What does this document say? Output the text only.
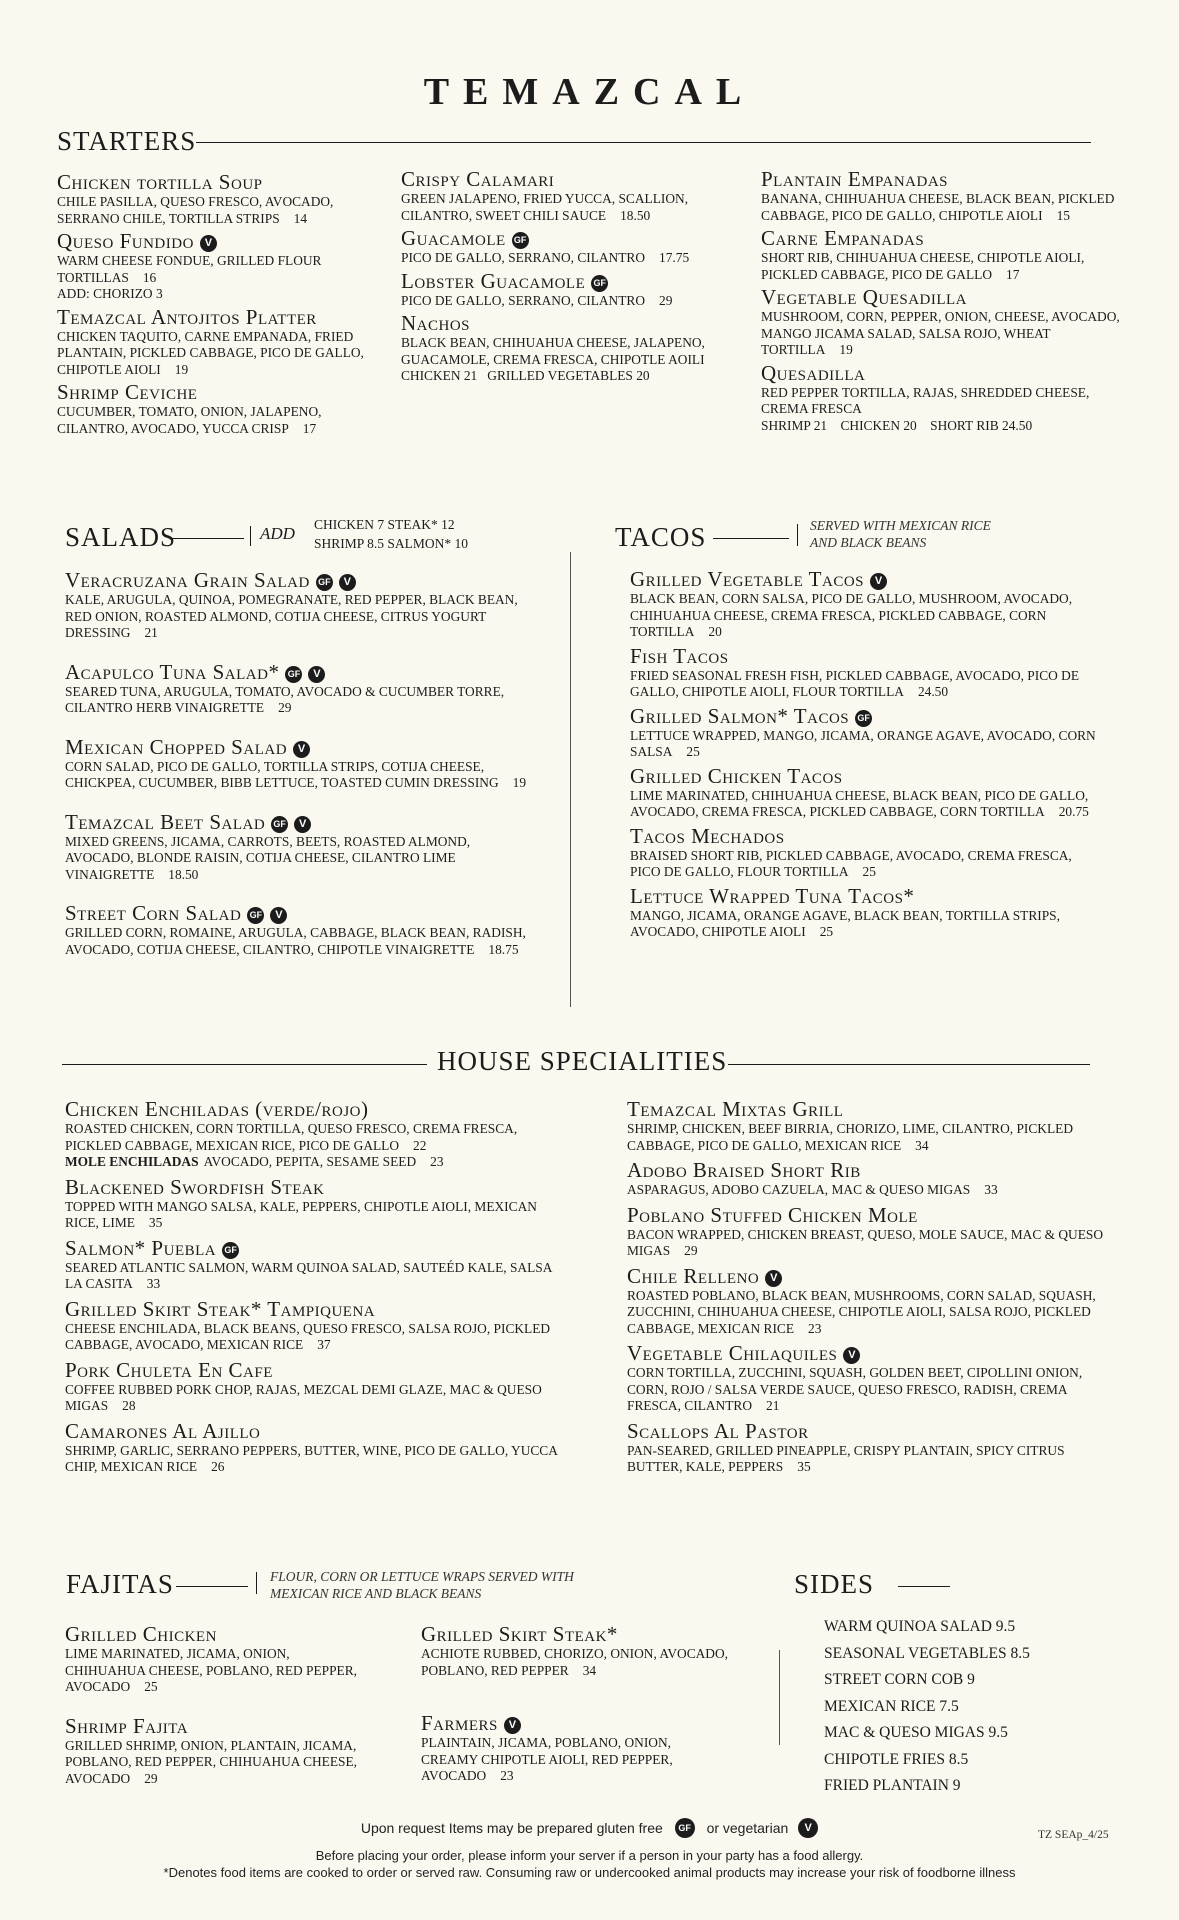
TEMAZCAL
STARTERS
Chicken tortilla Soup
CHILE PASILLA, QUESO FRESCO, AVOCADO, SERRANO CHILE, TORTILLA STRIPS 14
Queso Fundido V
WARM CHEESE FONDUE, GRILLED FLOUR TORTILLAS 16
ADD: CHORIZO 3
Temazcal Antojitos Platter
CHICKEN TAQUITO, CARNE EMPANADA, FRIED PLANTAIN, PICKLED CABBAGE, PICO DE GALLO, CHIPOTLE AIOLI 19
Shrimp Ceviche
CUCUMBER, TOMATO, ONION, JALAPENO, CILANTRO, AVOCADO, YUCCA CRISP 17
Crispy Calamari
GREEN JALAPENO, FRIED YUCCA, SCALLION, CILANTRO, SWEET CHILI SAUCE 18.50
Guacamole GF
PICO DE GALLO, SERRANO, CILANTRO 17.75
Lobster Guacamole GF
PICO DE GALLO, SERRANO, CILANTRO 29
Nachos
BLACK BEAN, CHIHUAHUA CHEESE, JALAPENO, GUACAMOLE, CREMA FRESCA, CHIPOTLE AOILI
CHICKEN 21   GRILLED VEGETABLES 20
Plantain Empanadas
BANANA, CHIHUAHUA CHEESE, BLACK BEAN, PICKLED CABBAGE, PICO DE GALLO, CHIPOTLE AIOLI 15
Carne Empanadas
SHORT RIB, CHIHUAHUA CHEESE, CHIPOTLE AIOLI, PICKLED CABBAGE, PICO DE GALLO 17
Vegetable Quesadilla
MUSHROOM, CORN, PEPPER, ONION, CHEESE, AVOCADO, MANGO JICAMA SALAD, SALSA ROJO, WHEAT TORTILLA 19
Quesadilla
RED PEPPER TORTILLA, RAJAS, SHREDDED CHEESE, CREMA FRESCA
SHRIMP 21    CHICKEN 20    SHORT RIB 24.50
SALADS	ADD CHICKEN 7 STEAK* 12
SHRIMP 8.5 SALMON* 10
Veracruzana Grain Salad GF V
KALE, ARUGULA, QUINOA, POMEGRANATE, RED PEPPER, BLACK BEAN, RED ONION, ROASTED ALMOND, COTIJA CHEESE, CITRUS YOGURT DRESSING 21
Acapulco Tuna Salad* GF V
SEARED TUNA, ARUGULA, TOMATO, AVOCADO & CUCUMBER TORRE, CILANTRO HERB VINAIGRETTE 29
Mexican Chopped Salad V
CORN SALAD, PICO DE GALLO, TORTILLA STRIPS, COTIJA CHEESE, CHICKPEA, CUCUMBER, BIBB LETTUCE, TOASTED CUMIN DRESSING 19
Temazcal Beet Salad GF V
MIXED GREENS, JICAMA, CARROTS, BEETS, ROASTED ALMOND, AVOCADO, BLONDE RAISIN, COTIJA CHEESE, CILANTRO LIME VINAIGRETTE 18.50
Street Corn Salad GF V
GRILLED CORN, ROMAINE, ARUGULA, CABBAGE, BLACK BEAN, RADISH, AVOCADO, COTIJA CHEESE, CILANTRO, CHIPOTLE VINAIGRETTE 18.75
TACOS	SERVED WITH MEXICAN RICE AND BLACK BEANS
Grilled Vegetable Tacos V
BLACK BEAN, CORN SALSA, PICO DE GALLO, MUSHROOM, AVOCADO, CHIHUAHUA CHEESE, CREMA FRESCA, PICKLED CABBAGE, CORN TORTILLA 20
Fish Tacos
FRIED SEASONAL FRESH FISH, PICKLED CABBAGE, AVOCADO, PICO DE GALLO, CHIPOTLE AIOLI, FLOUR TORTILLA 24.50
Grilled Salmon* Tacos GF
LETTUCE WRAPPED, MANGO, JICAMA, ORANGE AGAVE, AVOCADO, CORN SALSA 25
Grilled Chicken Tacos
LIME MARINATED, CHIHUAHUA CHEESE, BLACK BEAN, PICO DE GALLO, AVOCADO, CREMA FRESCA, PICKLED CABBAGE, CORN TORTILLA 20.75
Tacos Mechados
BRAISED SHORT RIB, PICKLED CABBAGE, AVOCADO, CREMA FRESCA, PICO DE GALLO, FLOUR TORTILLA 25
Lettuce Wrapped Tuna Tacos*
MANGO, JICAMA, ORANGE AGAVE, BLACK BEAN, TORTILLA STRIPS, AVOCADO, CHIPOTLE AIOLI 25
HOUSE SPECIALITIES
Chicken Enchiladas (verde/rojo)
ROASTED CHICKEN, CORN TORTILLA, QUESO FRESCO, CREMA FRESCA, PICKLED CABBAGE, MEXICAN RICE, PICO DE GALLO 22
MOLE ENCHILADAS AVOCADO, PEPITA, SESAME SEED 23
Blackened Swordfish Steak
TOPPED WITH MANGO SALSA, KALE, PEPPERS, CHIPOTLE AIOLI, MEXICAN RICE, LIME 35
Salmon* Puebla GF
SEARED ATLANTIC SALMON, WARM QUINOA SALAD, SAUTEÉD KALE, SALSA LA CASITA 33
Grilled Skirt Steak* Tampiquena
CHEESE ENCHILADA, BLACK BEANS, QUESO FRESCO, SALSA ROJO, PICKLED CABBAGE, AVOCADO, MEXICAN RICE 37
Pork Chuleta En Cafe
COFFEE RUBBED PORK CHOP, RAJAS, MEZCAL DEMI GLAZE, MAC & QUESO MIGAS 28
Camarones Al Ajillo
SHRIMP, GARLIC, SERRANO PEPPERS, BUTTER, WINE, PICO DE GALLO, YUCCA CHIP, MEXICAN RICE 26
Temazcal Mixtas Grill
SHRIMP, CHICKEN, BEEF BIRRIA, CHORIZO, LIME, CILANTRO, PICKLED CABBAGE, PICO DE GALLO, MEXICAN RICE 34
Adobo Braised Short Rib
ASPARAGUS, ADOBO CAZUELA, MAC & QUESO MIGAS 33
Poblano Stuffed Chicken Mole
BACON WRAPPED, CHICKEN BREAST, QUESO, MOLE SAUCE, MAC & QUESO MIGAS 29
Chile Relleno V
ROASTED POBLANO, BLACK BEAN, MUSHROOMS, CORN SALAD, SQUASH, ZUCCHINI, CHIHUAHUA CHEESE, CHIPOTLE AIOLI, SALSA ROJO, PICKLED CABBAGE, MEXICAN RICE 23
Vegetable Chilaquiles V
CORN TORTILLA, ZUCCHINI, SQUASH, GOLDEN BEET, CIPOLLINI ONION, CORN, ROJO / SALSA VERDE SAUCE, QUESO FRESCO, RADISH, CREMA FRESCA, CILANTRO 21
Scallops Al Pastor
PAN-SEARED, GRILLED PINEAPPLE, CRISPY PLANTAIN, SPICY CITRUS BUTTER, KALE, PEPPERS 35
FAJITAS	FLOUR, CORN OR LETTUCE WRAPS SERVED WITH MEXICAN RICE AND BLACK BEANS
Grilled Chicken
LIME MARINATED, JICAMA, ONION, CHIHUAHUA CHEESE, POBLANO, RED PEPPER, AVOCADO 25
Shrimp Fajita
GRILLED SHRIMP, ONION, PLANTAIN, JICAMA, POBLANO, RED PEPPER, CHIHUAHUA CHEESE, AVOCADO 29
Grilled Skirt Steak*
ACHIOTE RUBBED, CHORIZO, ONION, AVOCADO, POBLANO, RED PEPPER 34
Farmers V
PLAINTAIN, JICAMA, POBLANO, ONION, CREAMY CHIPOTLE AIOLI, RED PEPPER, AVOCADO 23
SIDES
WARM QUINOA SALAD 9.5
SEASONAL VEGETABLES 8.5
STREET CORN COB 9
MEXICAN RICE 7.5
MAC & QUESO MIGAS 9.5
CHIPOTLE FRIES 8.5
FRIED PLANTAIN 9
Upon request Items may be prepared gluten free GF or vegetarian V
TZ SEAp_4/25
Before placing your order, please inform your server if a person in your party has a food allergy.
*Denotes food items are cooked to order or served raw. Consuming raw or undercooked animal products may increase your risk of foodborne illness
